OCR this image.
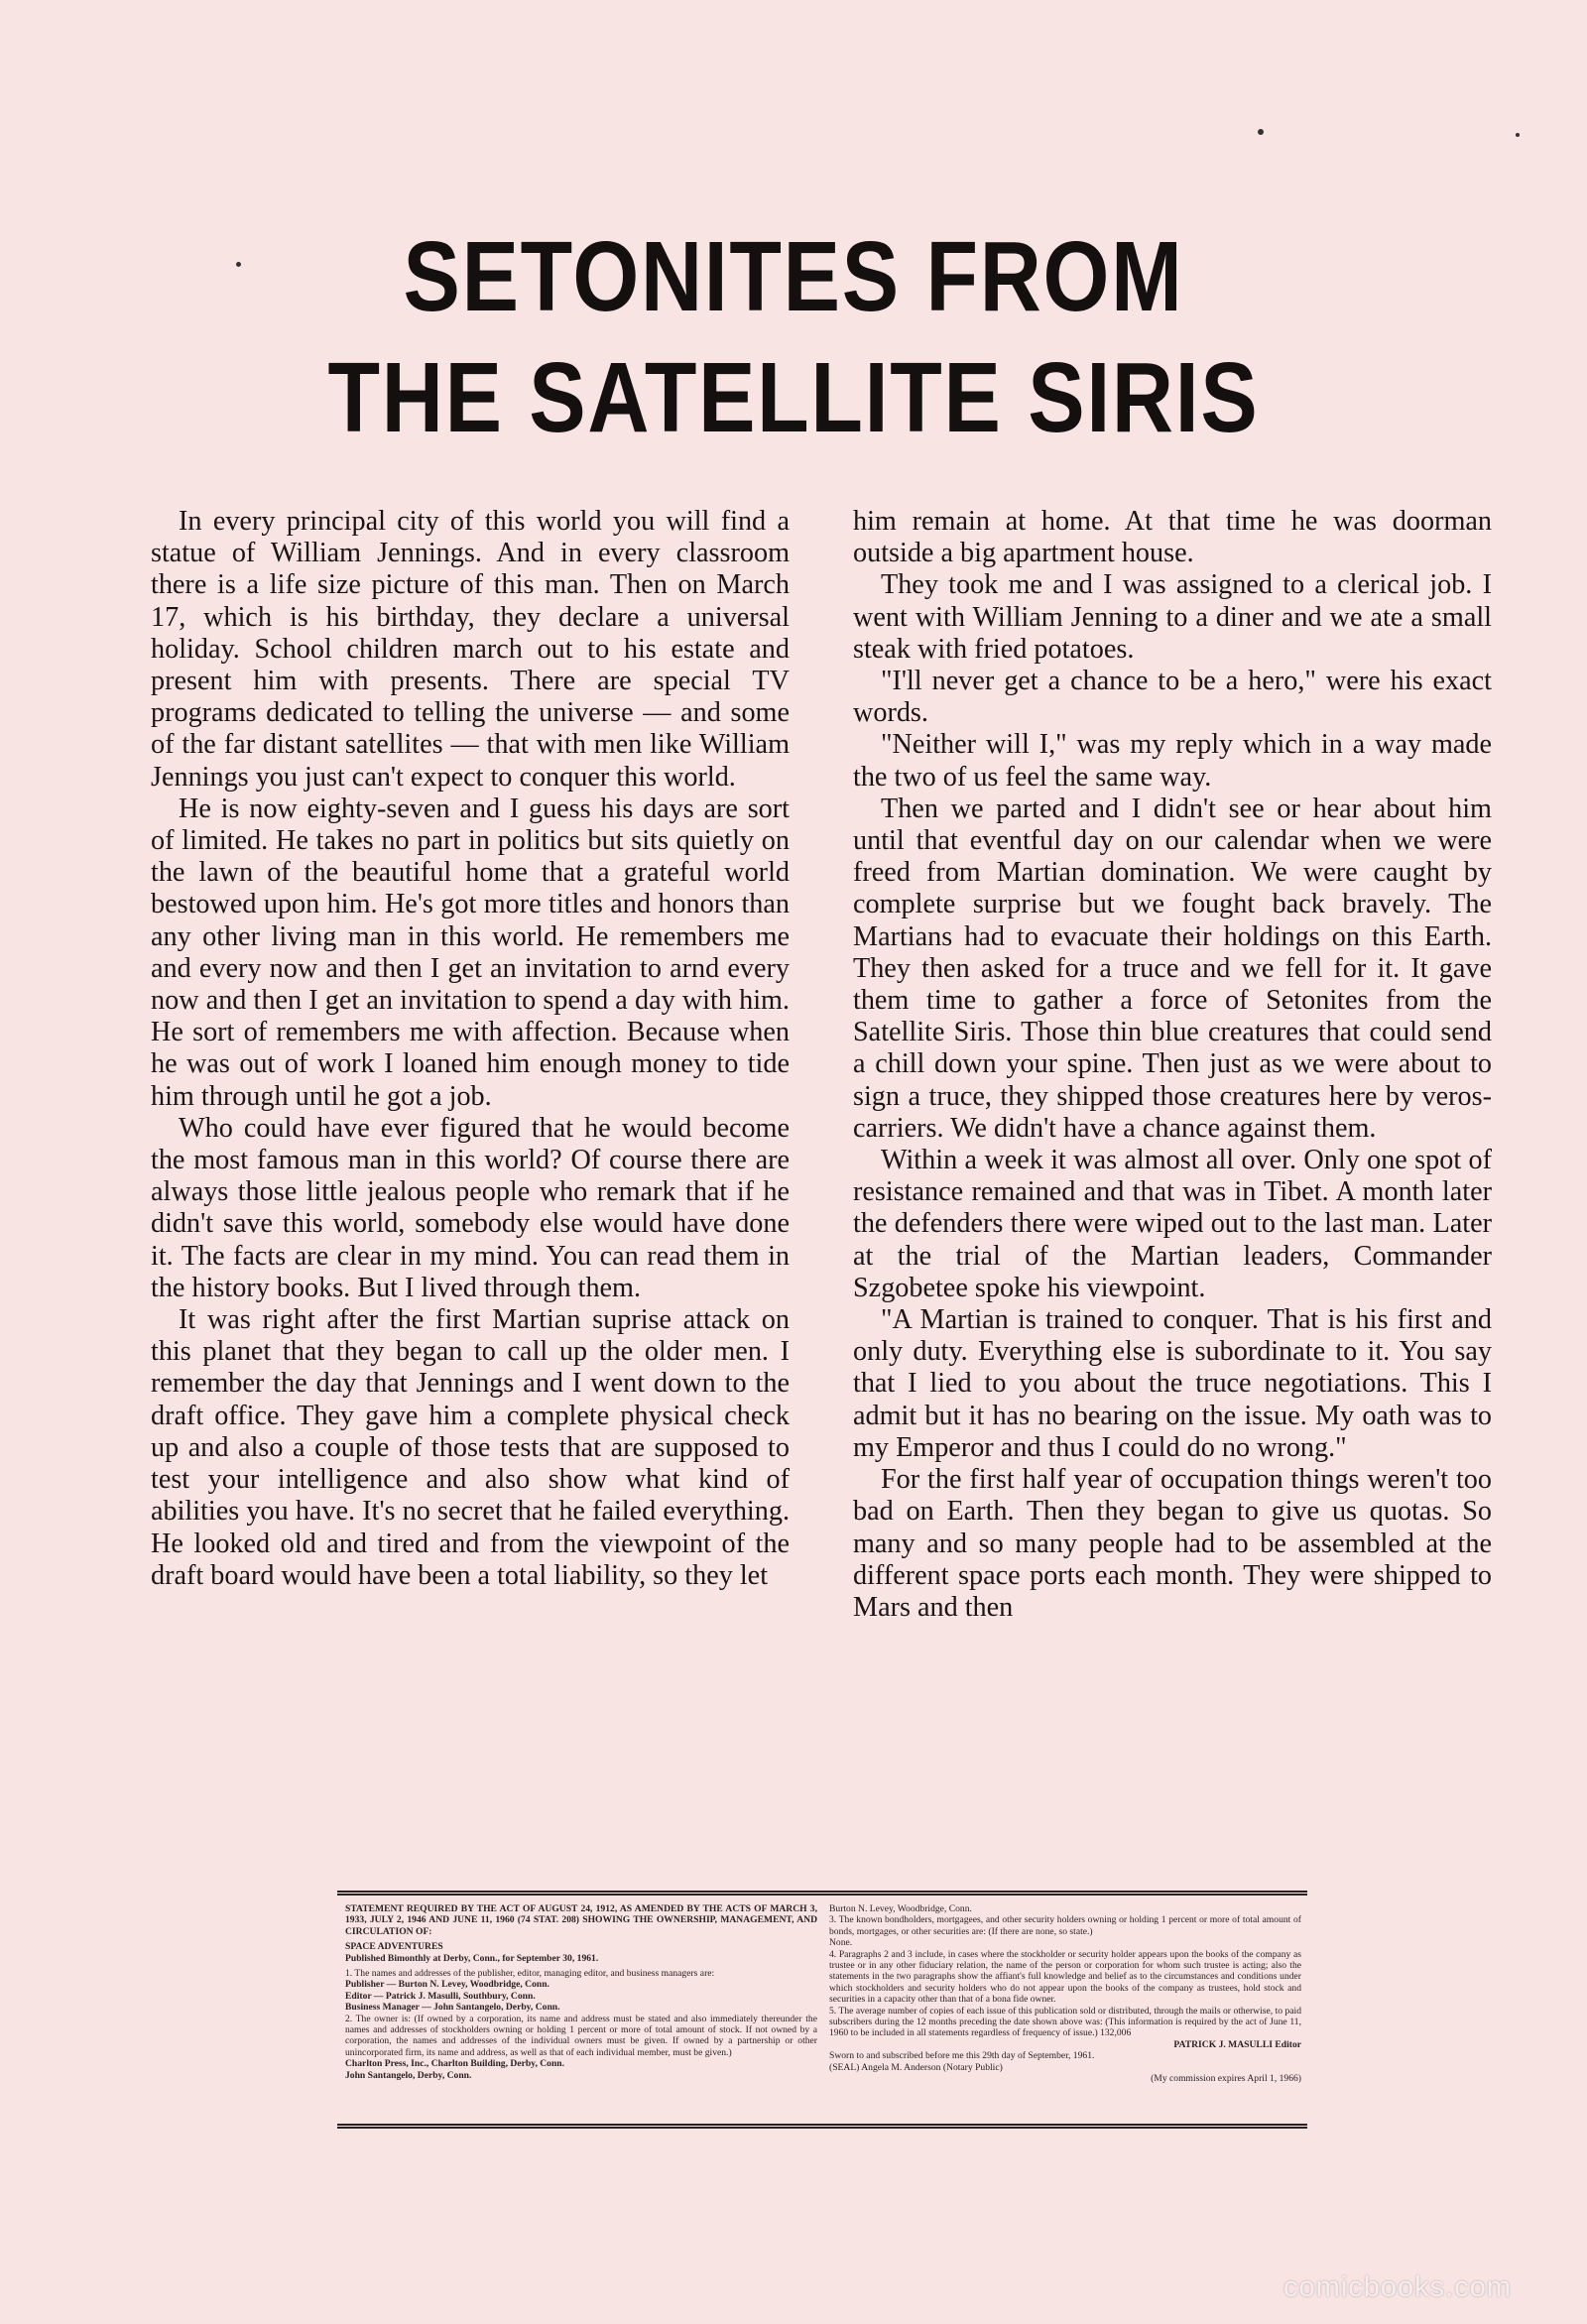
SETONITES FROM
THE SATELLITE SIRIS

In every principal city of this world you will find a statue of William Jennings. And in every classroom there is a life size picture of this man. Then on March 17, which is his birthday, they declare a universal holiday. School children march out to his estate and present him with presents. There are special TV programs dedicated to telling the universe — and some of the far distant satellites — that with men like William Jennings you just can't expect to conquer this world.

He is now eighty-seven and I guess his days are sort of limited. He takes no part in politics but sits quietly on the lawn of the beautiful home that a grateful world bestowed upon him. He's got more titles and honors than any other living man in this world. He remembers me and every now and then I get an invitation to arnd every now and then I get an invitation to spend a day with him. He sort of remembers me with affection. Because when he was out of work I loaned him enough money to tide him through until he got a job.

Who could have ever figured that he would become the most famous man in this world? Of course there are always those little jealous people who remark that if he didn't save this world, somebody else would have done it. The facts are clear in my mind. You can read them in the history books. But I lived through them.

It was right after the first Martian suprise attack on this planet that they began to call up the older men. I remember the day that Jennings and I went down to the draft office. They gave him a complete physical check up and also a couple of those tests that are supposed to test your intelligence and also show what kind of abilities you have. It's no secret that he failed everything. He looked old and tired and from the viewpoint of the draft board would have been a total liability, so they let

him remain at home. At that time he was doorman outside a big apartment house.

They took me and I was assigned to a clerical job. I went with William Jenning to a diner and we ate a small steak with fried potatoes.

"I'll never get a chance to be a hero," were his exact words.

"Neither will I," was my reply which in a way made the two of us feel the same way.

Then we parted and I didn't see or hear about him until that eventful day on our calendar when we were freed from Martian domination. We were caught by complete surprise but we fought back bravely. The Martians had to evacuate their holdings on this Earth. They then asked for a truce and we fell for it. It gave them time to gather a force of Setonites from the Satellite Siris. Those thin blue creatures that could send a chill down your spine. Then just as we were about to sign a truce, they shipped those creatures here by veros- carriers. We didn't have a chance against them.

Within a week it was almost all over. Only one spot of resistance remained and that was in Tibet. A month later the defenders there were wiped out to the last man. Later at the trial of the Martian leaders, Commander Szgobetee spoke his viewpoint.

"A Martian is trained to conquer. That is his first and only duty. Everything else is subordinate to it. You say that I lied to you about the truce negotiations. This I admit but it has no bearing on the issue. My oath was to my Emperor and thus I could do no wrong."

For the first half year of occupation things weren't too bad on Earth. Then they began to give us quotas. So many and so many people had to be assembled at the different space ports each month. They were shipped to Mars and then

STATEMENT REQUIRED BY THE ACT OF AUGUST 24, 1912, AS AMENDED BY THE ACTS OF MARCH 3, 1933, JULY 2, 1946 AND JUNE 11, 1960 (74 STAT. 208) SHOWING THE OWNERSHIP, MANAGEMENT, AND CIRCULATION OF:

SPACE ADVENTURES

Published Bimonthly at Derby, Conn., for September 30, 1961.

1. The names and addresses of the publisher, editor, managing editor, and business managers are:

Publisher — Burton N. Levey, Woodbridge, Conn.

Editor — Patrick J. Masulli, Southbury, Conn.

Business Manager — John Santangelo, Derby, Conn.

2. The owner is: (If owned by a corporation, its name and address must be stated and also immediately thereunder the names and addresses of stockholders owning or holding 1 percent or more of total amount of stock. If not owned by a corporation, the names and addresses of the individual owners must be given. If owned by a partnership or other unincorporated firm, its name and address, as well as that of each individual member, must be given.)

Charlton Press, Inc., Charlton Building, Derby, Conn.

John Santangelo, Derby, Conn.

Burton N. Levey, Woodbridge, Conn.

3. The known bondholders, mortgagees, and other security holders owning or holding 1 percent or more of total amount of bonds, mortgages, or other securities are: (If there are none, so state.)

None.

4. Paragraphs 2 and 3 include, in cases where the stockholder or security holder appears upon the books of the company as trustee or in any other fiduciary relation, the name of the person or corporation for whom such trustee is acting; also the statements in the two paragraphs show the affiant's full knowledge and belief as to the circumstances and conditions under which stockholders and security holders who do not appear upon the books of the company as trustees, hold stock and securities in a capacity other than that of a bona fide owner.

5. The average number of copies of each issue of this publication sold or distributed, through the mails or otherwise, to paid subscribers during the 12 months preceding the date shown above was: (This information is required by the act of June 11, 1960 to be included in all statements regardless of frequency of issue.) 132,006

PATRICK J. MASULLI Editor

Sworn to and subscribed before me this 29th day of September, 1961.

(SEAL) Angela M. Anderson (Notary Public)

(My commission expires April 1, 1966)

comicbooks.com
